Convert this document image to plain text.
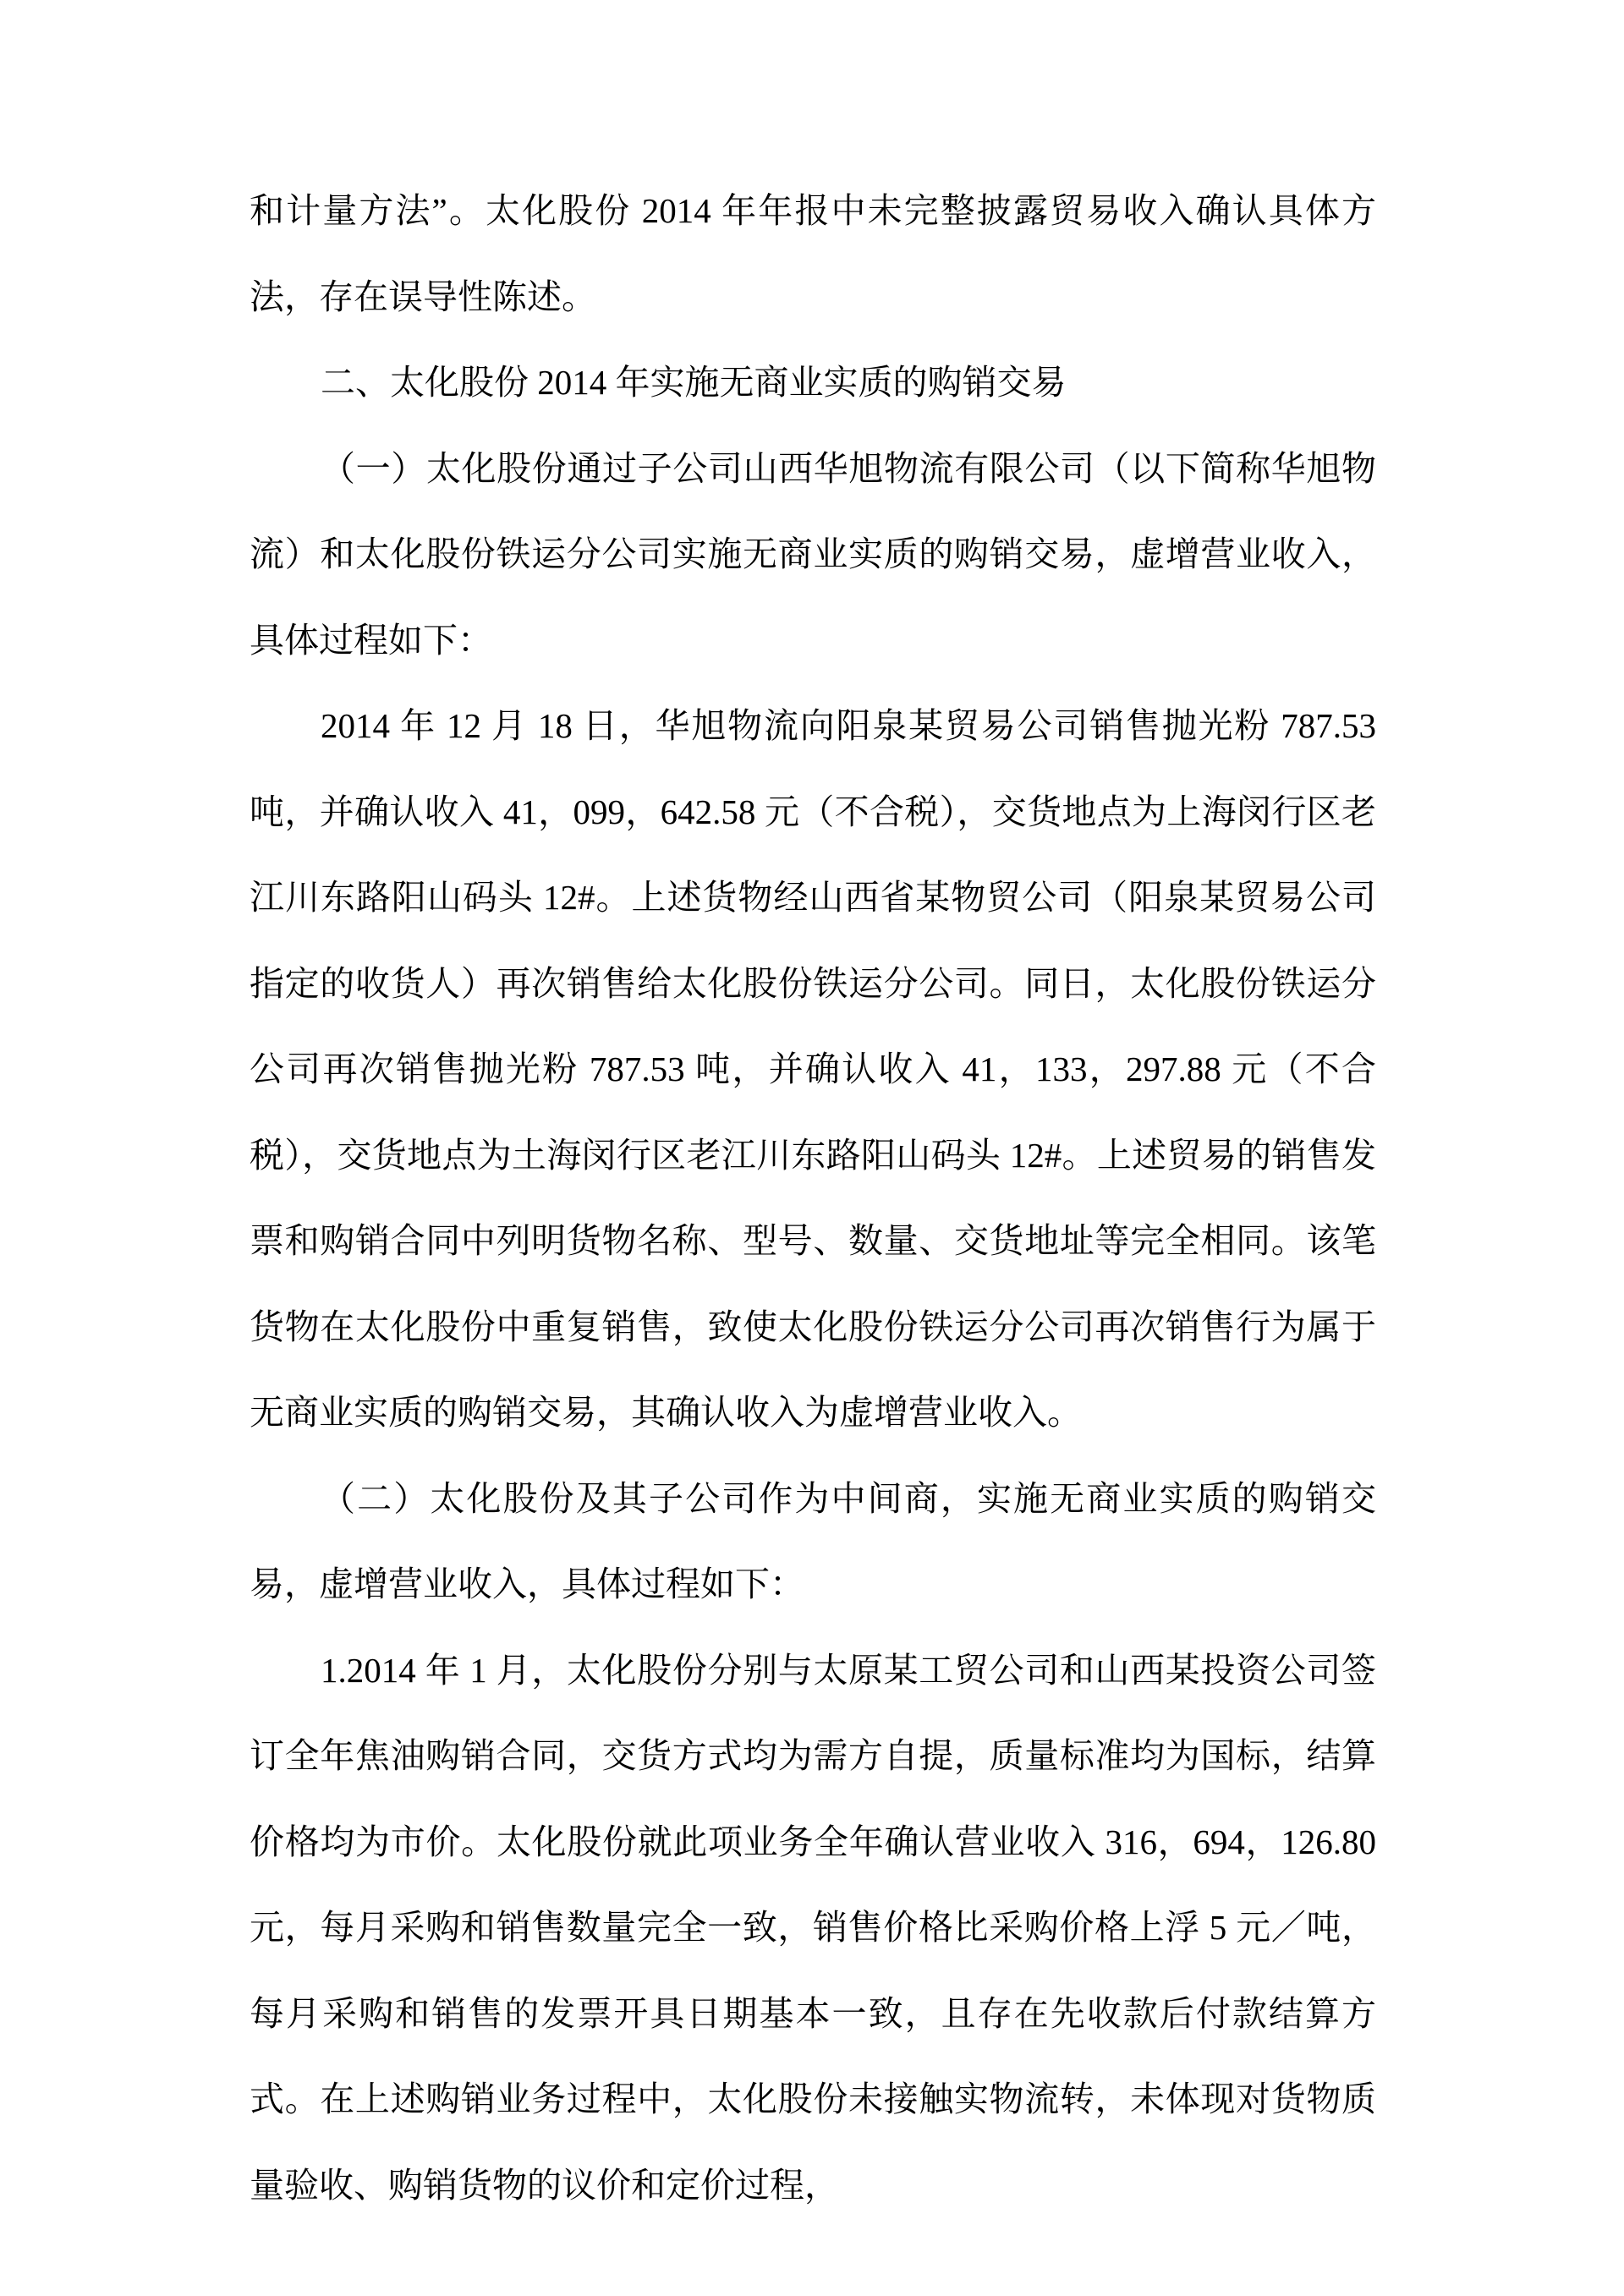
和计量方法”。太化股份 2014 年年报中未完整披露贸易收入确认具体方法，存在误导性陈述。

二、太化股份 2014 年实施无商业实质的购销交易

（一）太化股份通过子公司山西华旭物流有限公司（以下简称华旭物流）和太化股份铁运分公司实施无商业实质的购销交易，虚增营业收入，具体过程如下：

2014 年 12 月 18 日，华旭物流向阳泉某贸易公司销售抛光粉 787.53 吨，并确认收入 41，099，642.58 元（不合税），交货地点为上海闵行区老江川东路阳山码头 12#。上述货物经山西省某物贸公司（阳泉某贸易公司指定的收货人）再次销售给太化股份铁运分公司。同日，太化股份铁运分公司再次销售抛光粉 787.53 吨，并确认收入 41，133，297.88 元（不合税），交货地点为土海闵行区老江川东路阳山码头 12#。上述贸易的销售发票和购销合同中列明货物名称、型号、数量、交货地址等完全相同。该笔货物在太化股份中重复销售，致使太化股份铁运分公司再次销售行为属于无商业实质的购销交易，其确认收入为虚增营业收入。

（二）太化股份及其子公司作为中间商，实施无商业实质的购销交易，虚增营业收入，具体过程如下：

1.2014 年 1 月，太化股份分别与太原某工贸公司和山西某投资公司签订全年焦油购销合同，交货方式均为需方自提，质量标准均为国标，结算价格均为市价。太化股份就此项业务全年确认营业收入 316，694，126.80 元，每月采购和销售数量完全一致，销售价格比采购价格上浮 5 元／吨，每月采购和销售的发票开具日期基本一致，且存在先收款后付款结算方式。在上述购销业务过程中，太化股份未接触实物流转，未体现对货物质量验收、购销货物的议价和定价过程，
